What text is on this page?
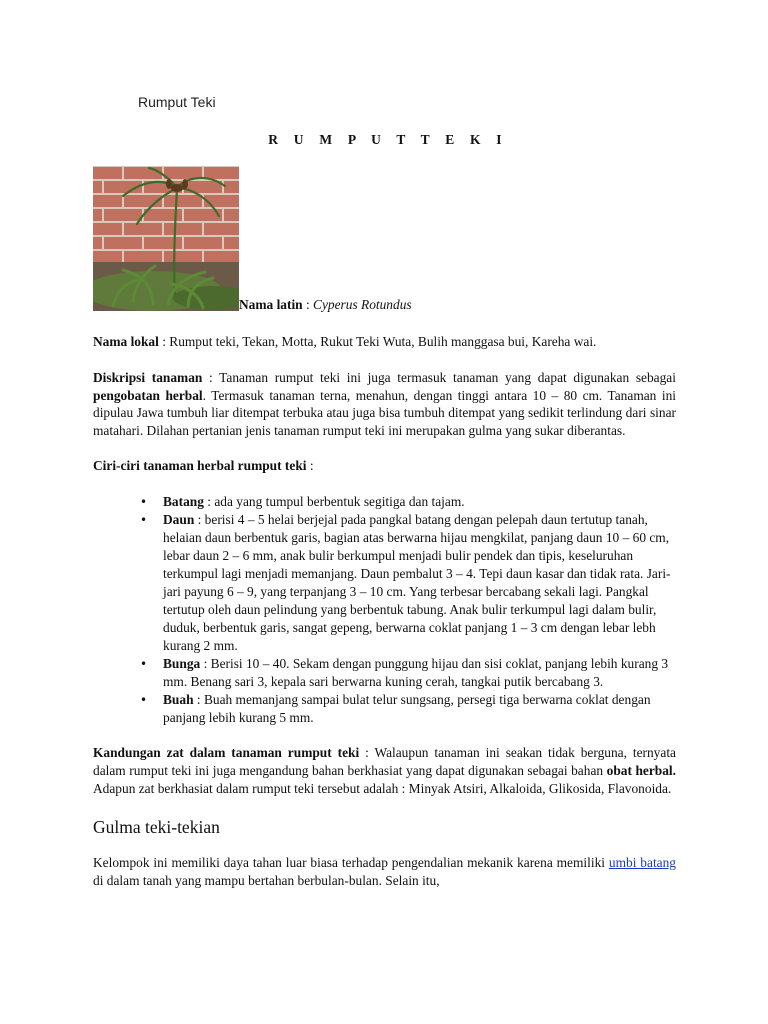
Rumput Teki
R U M P U T T E K I
Nama latin : Cyperus Rotundus

Nama lokal : Rumput teki, Tekan, Motta, Rukut Teki Wuta, Bulih manggasa bui, Kareha wai.

Diskripsi tanaman : Tanaman rumput teki ini juga termasuk tanaman yang dapat digunakan sebagai pengobatan herbal. Termasuk tanaman terna, menahun, dengan tinggi antara 10 – 80 cm. Tanaman ini dipulau Jawa tumbuh liar ditempat terbuka atau juga bisa tumbuh ditempat yang sedikit terlindung dari sinar matahari. Dilahan pertanian jenis tanaman rumput teki ini merupakan gulma yang sukar diberantas.

Ciri-ciri tanaman herbal rumput teki :

• Batang : ada yang tumpul berbentuk segitiga dan tajam.
• Daun : berisi 4 – 5 helai berjejal pada pangkal batang dengan pelepah daun tertutup tanah, helaian daun berbentuk garis, bagian atas berwarna hijau mengkilat, panjang daun 10 – 60 cm, lebar daun 2 – 6 mm, anak bulir berkumpul menjadi bulir pendek dan tipis, keseluruhan terkumpul lagi menjadi memanjang. Daun pembalut 3 – 4. Tepi daun kasar dan tidak rata. Jari-jari payung 6 – 9, yang terpanjang 3 – 10 cm. Yang terbesar bercabang sekali lagi. Pangkal tertutup oleh daun pelindung yang berbentuk tabung. Anak bulir terkumpul lagi dalam bulir, duduk, berbentuk garis, sangat gepeng, berwarna coklat panjang 1 – 3 cm dengan lebar lebh kurang 2 mm.
• Bunga : Berisi 10 – 40. Sekam dengan punggung hijau dan sisi coklat, panjang lebih kurang 3 mm. Benang sari 3, kepala sari berwarna kuning cerah, tangkai putik bercabang 3.
• Buah : Buah memanjang sampai bulat telur sungsang, persegi tiga berwarna coklat dengan panjang lebih kurang 5 mm.

Kandungan zat dalam tanaman rumput teki : Walaupun tanaman ini seakan tidak berguna, ternyata dalam rumput teki ini juga mengandung bahan berkhasiat yang dapat digunakan sebagai bahan obat herbal. Adapun zat berkhasiat dalam rumput teki tersebut adalah : Minyak Atsiri, Alkaloida, Glikosida, Flavonoida.

Gulma teki-tekian

Kelompok ini memiliki daya tahan luar biasa terhadap pengendalian mekanik karena memiliki umbi batang di dalam tanah yang mampu bertahan berbulan-bulan. Selain itu,
